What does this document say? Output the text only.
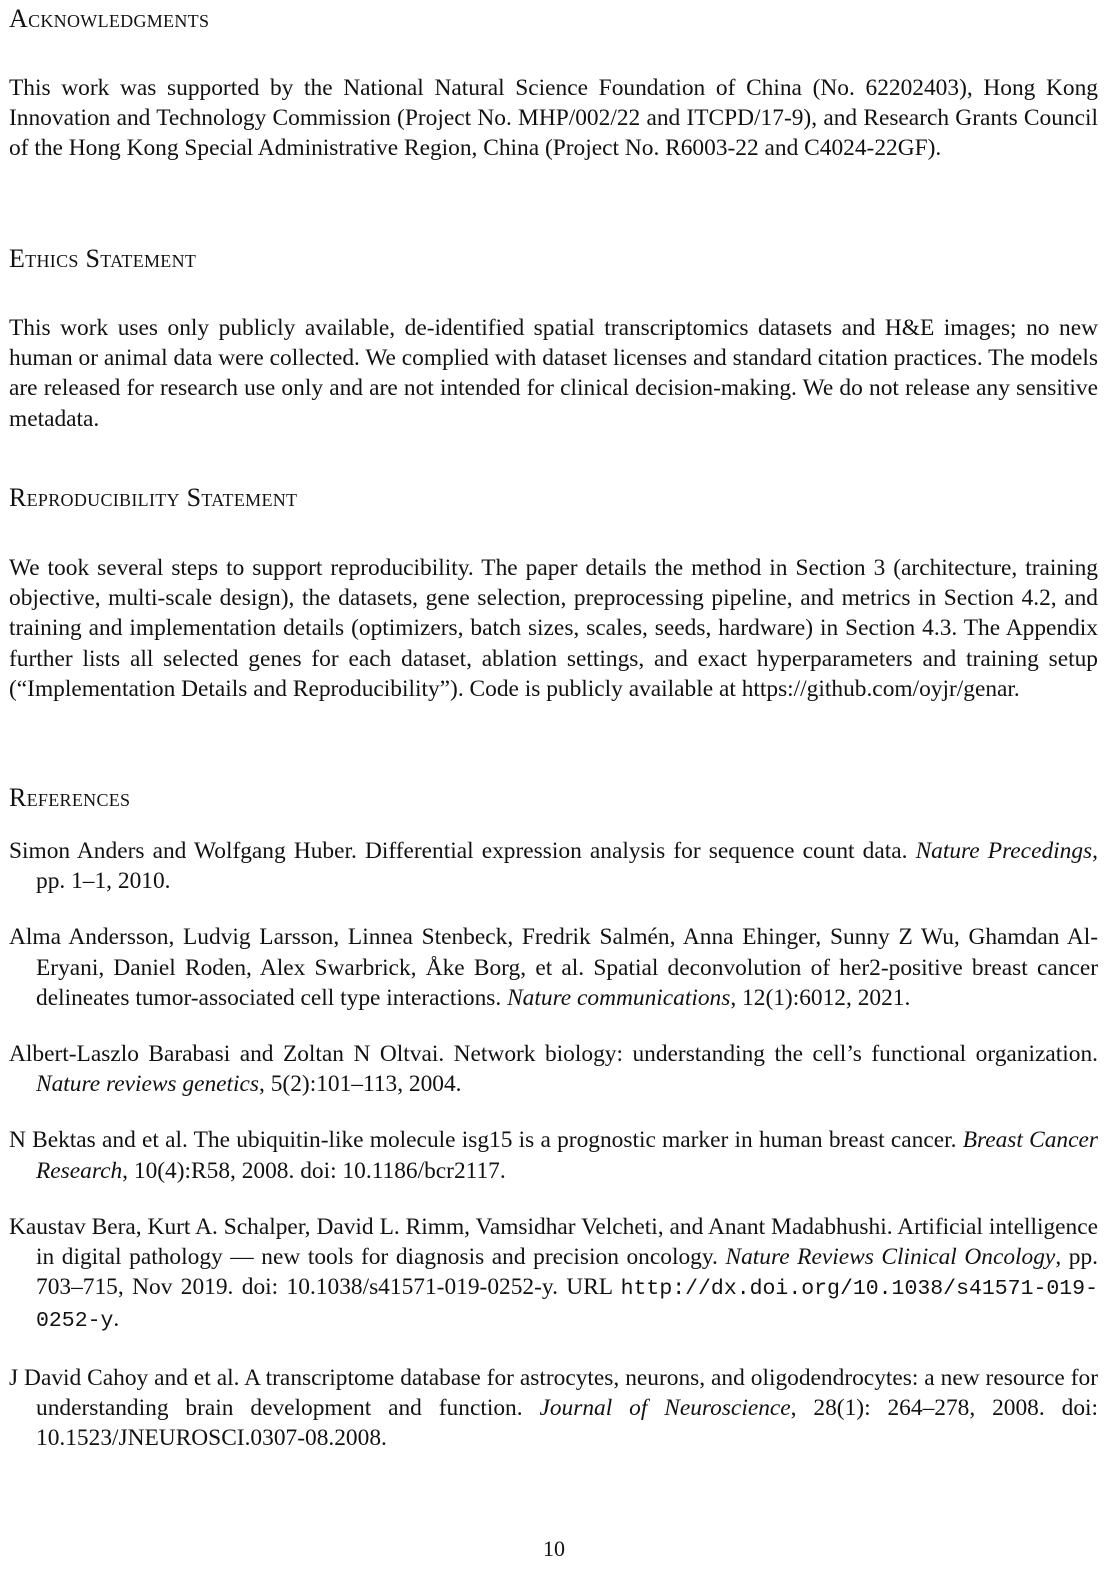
Acknowledgments

This work was supported by the National Natural Science Foundation of China (No. 62202403), Hong Kong Innovation and Technology Commission (Project No. MHP/002/22 and ITCPD/17-9), and Research Grants Council of the Hong Kong Special Administrative Region, China (Project No. R6003-22 and C4024-22GF).

Ethics Statement

This work uses only publicly available, de-identified spatial transcriptomics datasets and H&E images; no new human or animal data were collected. We complied with dataset licenses and standard citation practices. The models are released for research use only and are not intended for clinical decision-making. We do not release any sensitive metadata.

Reproducibility Statement

We took several steps to support reproducibility. The paper details the method in Section 3 (architecture, training objective, multi-scale design), the datasets, gene selection, preprocessing pipeline, and metrics in Section 4.2, and training and implementation details (optimizers, batch sizes, scales, seeds, hardware) in Section 4.3. The Appendix further lists all selected genes for each dataset, ablation settings, and exact hyperparameters and training setup (“Implementation Details and Reproducibility”). Code is publicly available at https://github.com/oyjr/genar.

References

Simon Anders and Wolfgang Huber. Differential expression analysis for sequence count data. Nature Precedings, pp. 1–1, 2010.

Alma Andersson, Ludvig Larsson, Linnea Stenbeck, Fredrik Salmén, Anna Ehinger, Sunny Z Wu, Ghamdan Al-Eryani, Daniel Roden, Alex Swarbrick, Åke Borg, et al. Spatial deconvolution of her2-positive breast cancer delineates tumor-associated cell type interactions. Nature communications, 12(1):6012, 2021.

Albert-Laszlo Barabasi and Zoltan N Oltvai. Network biology: understanding the cell’s functional organization. Nature reviews genetics, 5(2):101–113, 2004.

N Bektas and et al. The ubiquitin-like molecule isg15 is a prognostic marker in human breast cancer. Breast Cancer Research, 10(4):R58, 2008. doi: 10.1186/bcr2117.

Kaustav Bera, Kurt A. Schalper, David L. Rimm, Vamsidhar Velcheti, and Anant Madabhushi. Artificial intelligence in digital pathology — new tools for diagnosis and precision oncology. Nature Reviews Clinical Oncology, pp. 703–715, Nov 2019. doi: 10.1038/s41571-019-0252-y. URL http://dx.doi.org/10.1038/s41571-019-0252-y.

J David Cahoy and et al. A transcriptome database for astrocytes, neurons, and oligodendrocytes: a new resource for understanding brain development and function. Journal of Neuroscience, 28(1): 264–278, 2008. doi: 10.1523/JNEUROSCI.0307-08.2008.

10
